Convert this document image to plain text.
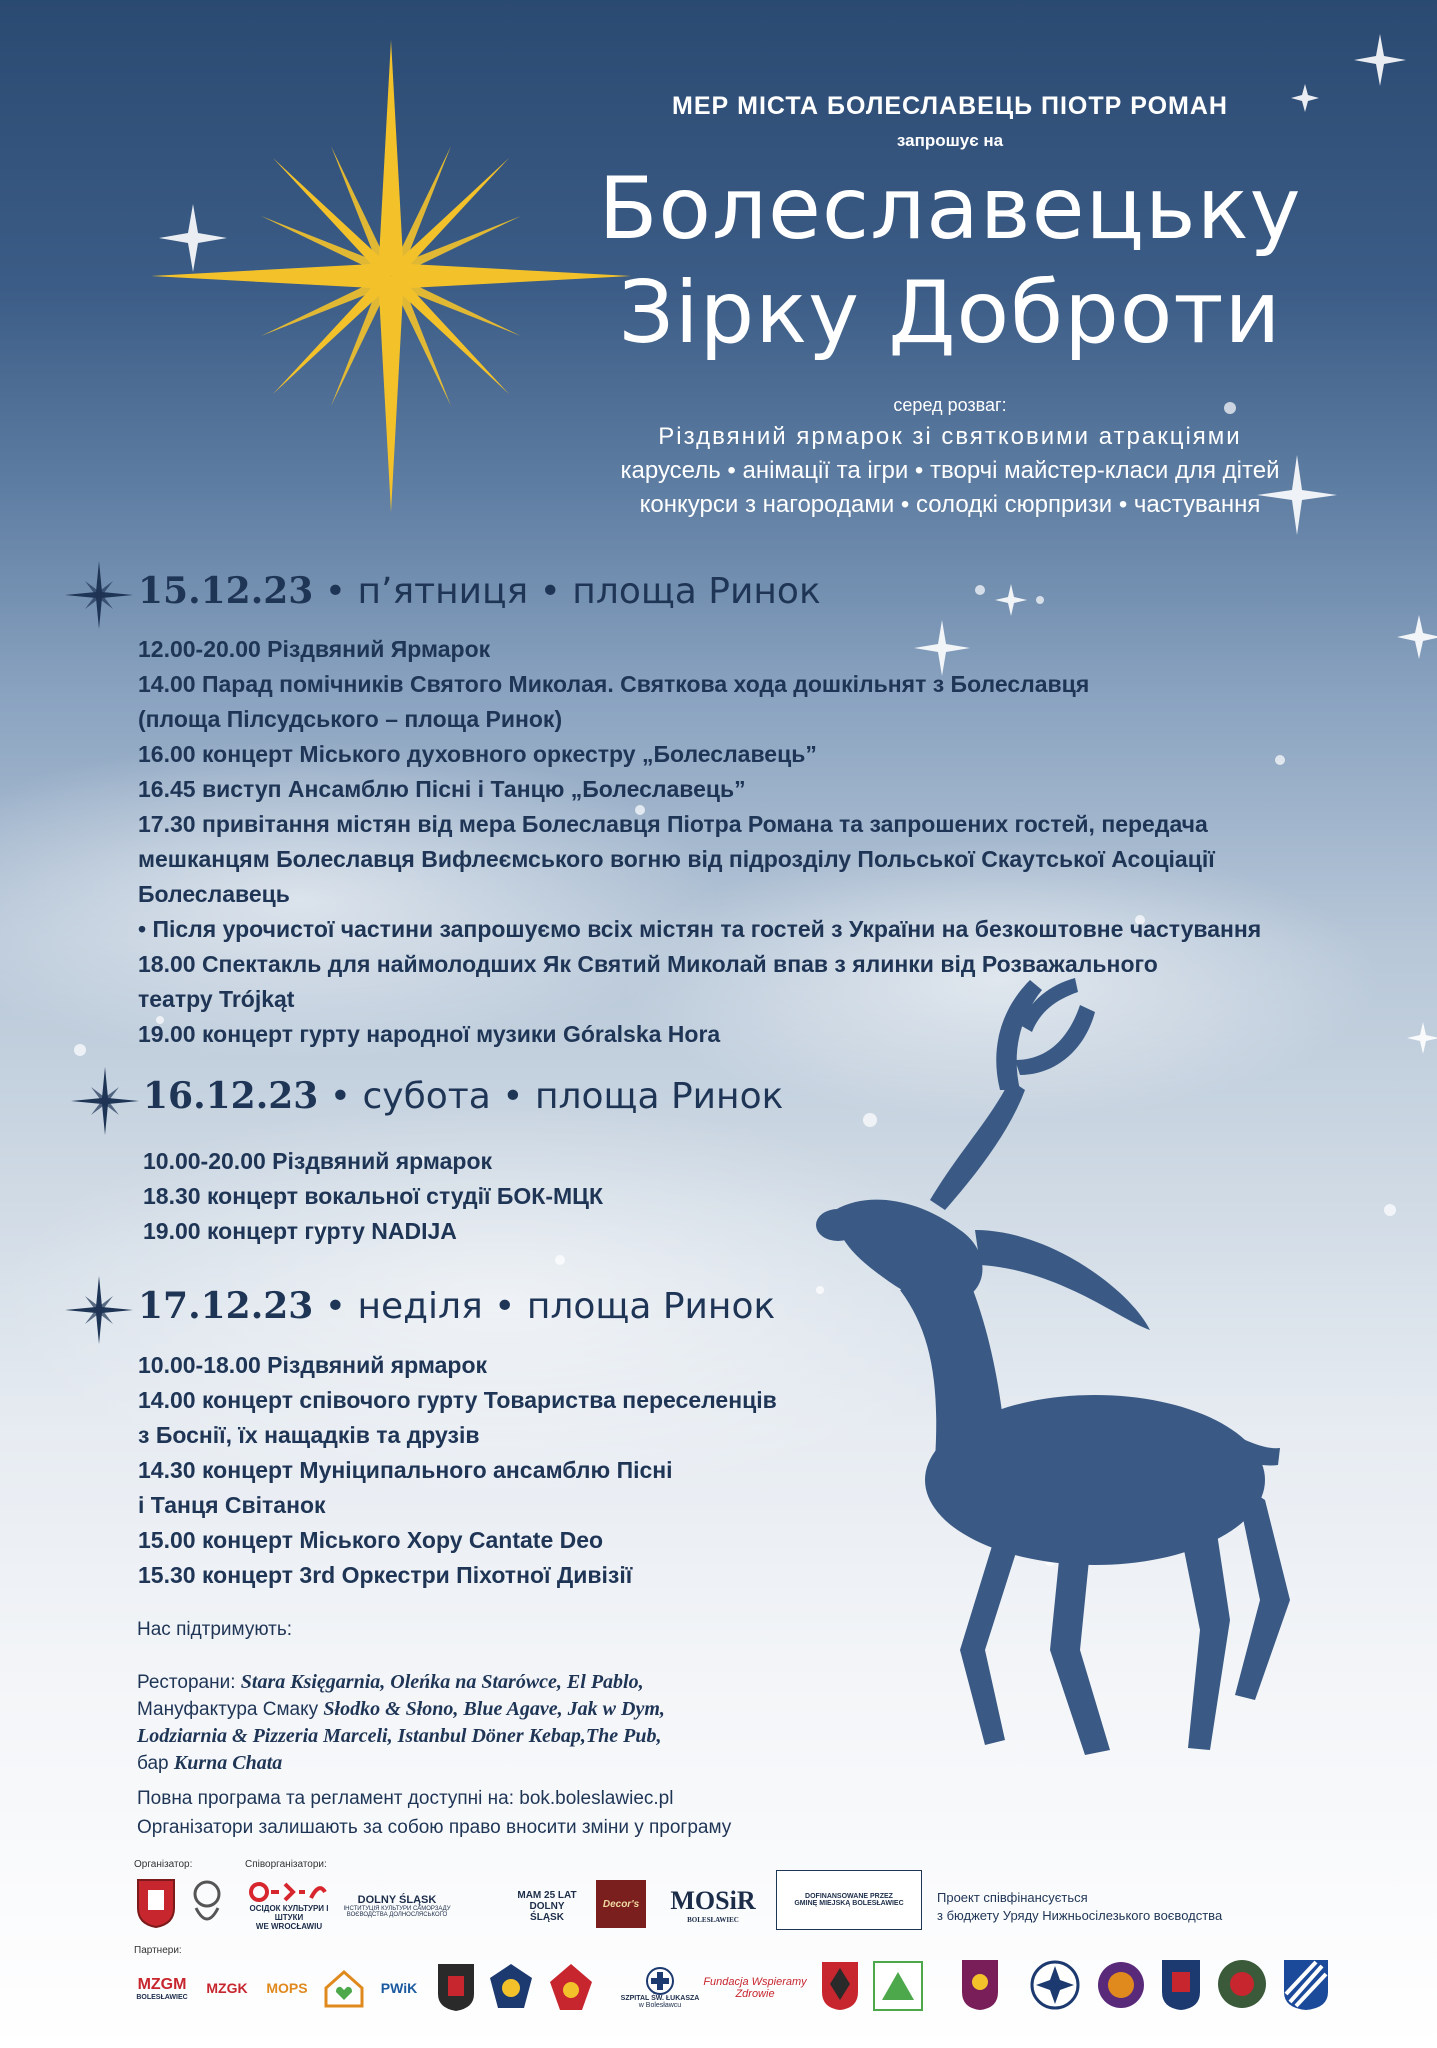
МЕР МІСТА БОЛЕСЛАВЕЦЬ ПІОТР РОМАН

запрошує на

Болеславецьку

Зірку Доброти

серед розваг:

Різдвяний ярмарок зі святковими атракціями

карусель • анімації та ігри • творчі майстер-класи для дітей

конкурси з нагородами • солодкі сюрпризи • частування

15.12.23 • п’ятниця • площа Ринок
12.00-20.00 Різдвяний Ярмарок
14.00 Парад помічників Святого Миколая. Святкова хода дошкільнят з Болеславця
(площа Пілсудського – площа Ринок)
16.00 концерт Міського духовного оркестру „Болеславець”
16.45 виступ Ансамблю Пісні і Танцю „Болеславець”
17.30 привітання містян від мера Болеславця Піотра Романа та запрошених гостей, передача
мешканцям Болеславця Вифлеємського вогню від підрозділу Польської Скаутської Асоціації
Болеславець
• Після урочистої частини запрошуємо всіх містян та гостей з України на безкоштовне частування
18.00 Спектакль для наймолодших Як Святий Миколай впав з ялинки від Розважального
театру Trójkąt
19.00 концерт гурту народної музики Góralska Hora
16.12.23 • субота • площа Ринок
10.00-20.00 Різдвяний ярмарок
18.30 концерт вокальної студії БОК-МЦК
19.00 концерт гурту NADIJA
17.12.23 • неділя • площа Ринок
10.00-18.00 Різдвяний ярмарок
14.00 концерт співочого гурту Товариства переселенців
з Боснії, їх нащадків та друзів
14.30 концерт Муніципального ансамблю Пісні
і Танця Світанок
15.00 концерт Міського Хору Cantate Deo
15.30 концерт 3rd Оркестри Піхотної Дивізії

Нас підтримують:

Ресторани: Stara Księgarnia, Oleńka na Starówce, El Pablo,

Мануфактура Смаку Słodko & Słono, Blue Agave, Jak w Dym,

Lodziarnia & Pizzeria Marceli, Istanbul Döner Kebap,The Pub,

бар Kurna Chata

Повна програма та регламент доступні на: bok.boleslawiec.pl
Організатори залишають за собою право вносити зміни у програму
Організатор:	Співорганізатори:
Партнери:
ОСІДОК КУЛЬТУРИ І ШТУКИ
WE WROCŁAWIU
DOLNY ŚLĄSK
ІНСТИТУЦІЯ КУЛЬТУРИ САМОРЗАДУ ВОЄВОДСТВА ДОЛНОСЛЯСЬКОГО
MAM 25 LAT
DOLNY ŚLĄSK
Decor's MOSiR
BOLESŁAWIEC
DOFINANSOWANE PRZEZ
GMINĘ MIEJSKĄ BOLESŁAWIEC	Проект співфінансується
з бюджету Уряду Нижньосілезького воєводства
MZGM
BOLESŁAWIEC
MZGK	MOPS	PWiK
SZPITAL ŚW. ŁUKASZA
w Bolesławcu
Fundacja Wspieramy Zdrowie
